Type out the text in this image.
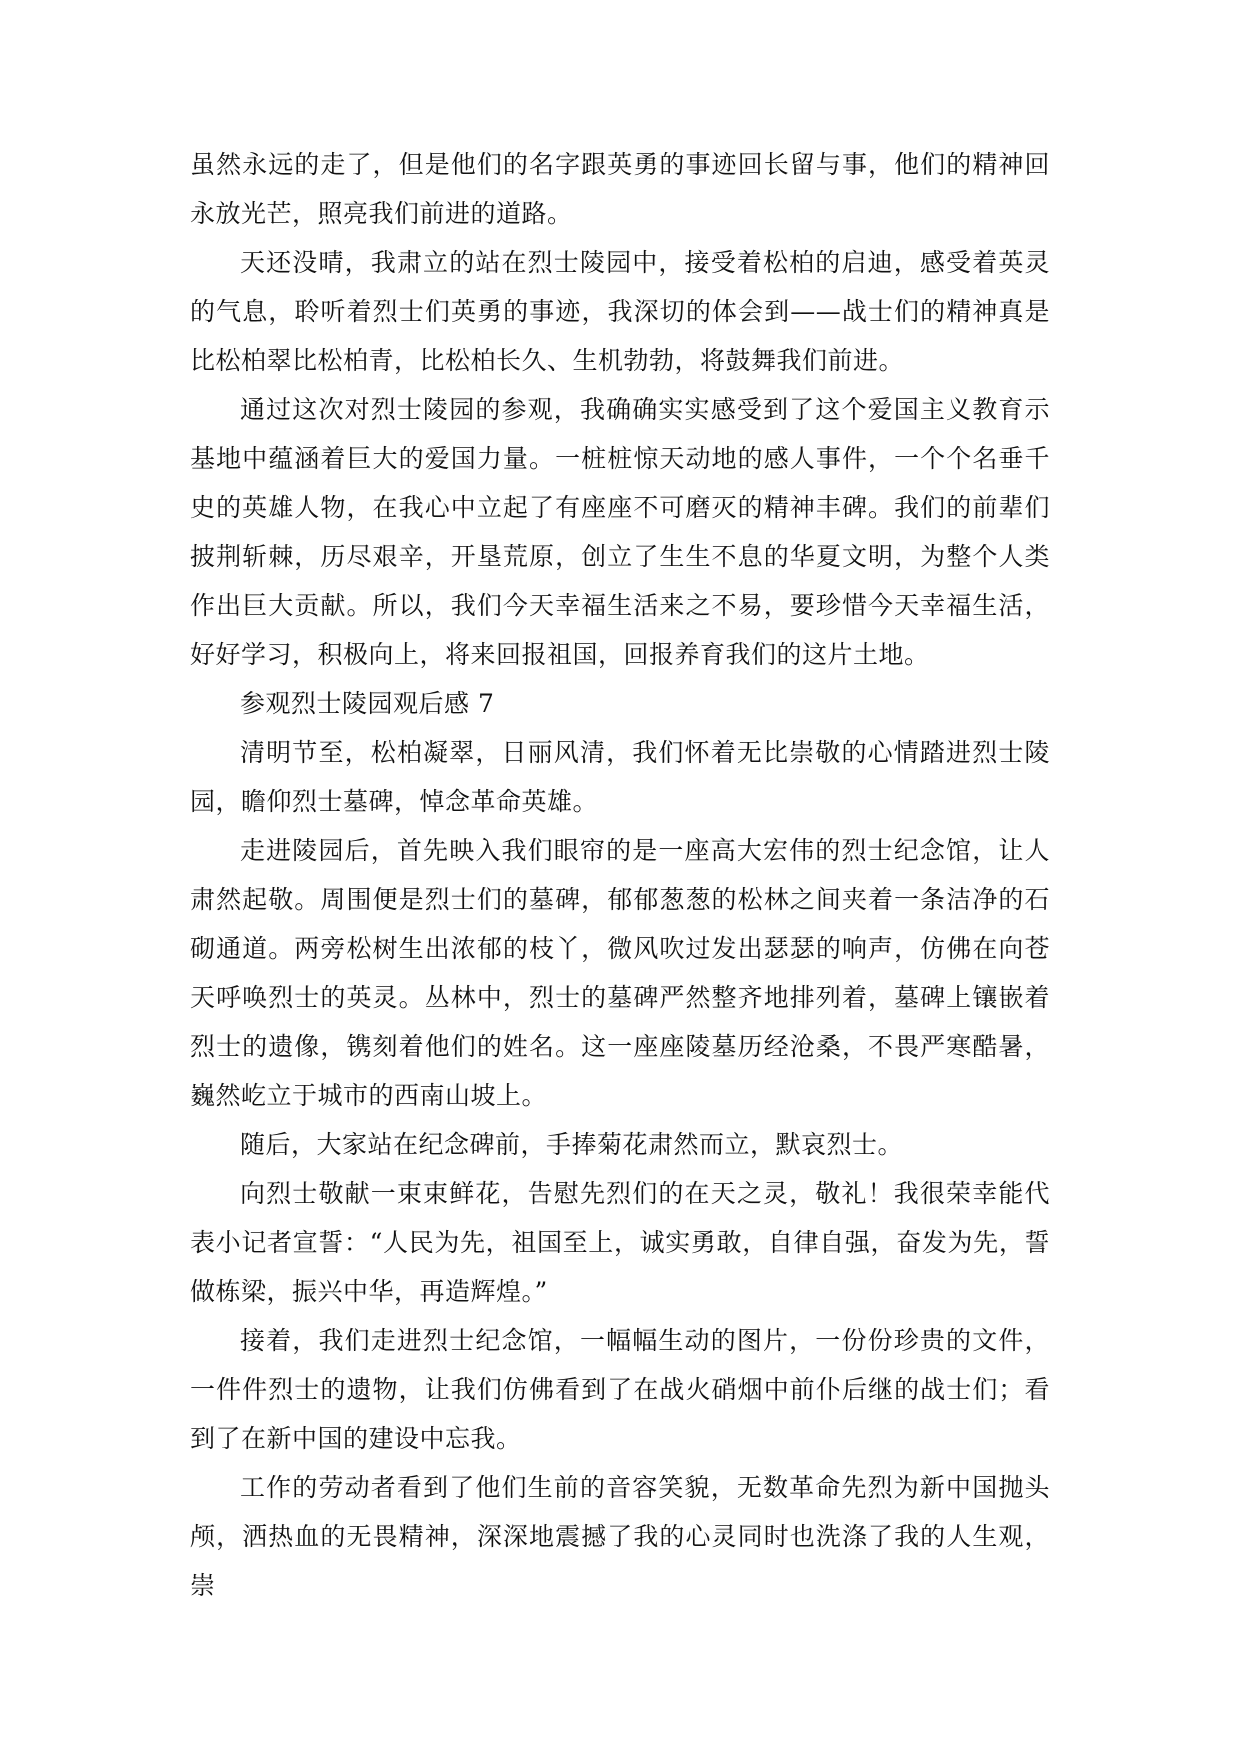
虽然永远的走了，但是他们的名字跟英勇的事迹回长留与事，他们的精神回永放光芒，照亮我们前进的道路。

天还没晴，我肃立的站在烈士陵园中，接受着松柏的启迪，感受着英灵的气息，聆听着烈士们英勇的事迹，我深切的体会到——战士们的精神真是比松柏翠比松柏青，比松柏长久、生机勃勃，将鼓舞我们前进。

通过这次对烈士陵园的参观，我确确实实感受到了这个爱国主义教育示基地中蕴涵着巨大的爱国力量。一桩桩惊天动地的感人事件，一个个名垂千史的英雄人物，在我心中立起了有座座不可磨灭的精神丰碑。我们的前辈们披荆斩棘，历尽艰辛，开垦荒原，创立了生生不息的华夏文明，为整个人类作出巨大贡献。所以，我们今天幸福生活来之不易，要珍惜今天幸福生活，好好学习，积极向上，将来回报祖国，回报养育我们的这片土地。

参观烈士陵园观后感 7

清明节至，松柏凝翠，日丽风清，我们怀着无比崇敬的心情踏进烈士陵园，瞻仰烈士墓碑，悼念革命英雄。

走进陵园后，首先映入我们眼帘的是一座高大宏伟的烈士纪念馆，让人肃然起敬。周围便是烈士们的墓碑，郁郁葱葱的松林之间夹着一条洁净的石砌通道。两旁松树生出浓郁的枝丫，微风吹过发出瑟瑟的响声，仿佛在向苍天呼唤烈士的英灵。丛林中，烈士的墓碑严然整齐地排列着，墓碑上镶嵌着烈士的遗像，镌刻着他们的姓名。这一座座陵墓历经沧桑，不畏严寒酷暑，巍然屹立于城市的西南山坡上。

随后，大家站在纪念碑前，手捧菊花肃然而立，默哀烈士。

向烈士敬献一束束鲜花，告慰先烈们的在天之灵，敬礼！我很荣幸能代表小记者宣誓：“人民为先，祖国至上，诚实勇敢，自律自强，奋发为先，誓做栋梁，振兴中华，再造辉煌。”

接着，我们走进烈士纪念馆，一幅幅生动的图片，一份份珍贵的文件，一件件烈士的遗物，让我们仿佛看到了在战火硝烟中前仆后继的战士们；看到了在新中国的建设中忘我。

工作的劳动者看到了他们生前的音容笑貌，无数革命先烈为新中国抛头颅，洒热血的无畏精神，深深地震撼了我的心灵同时也洗涤了我的人生观，崇
